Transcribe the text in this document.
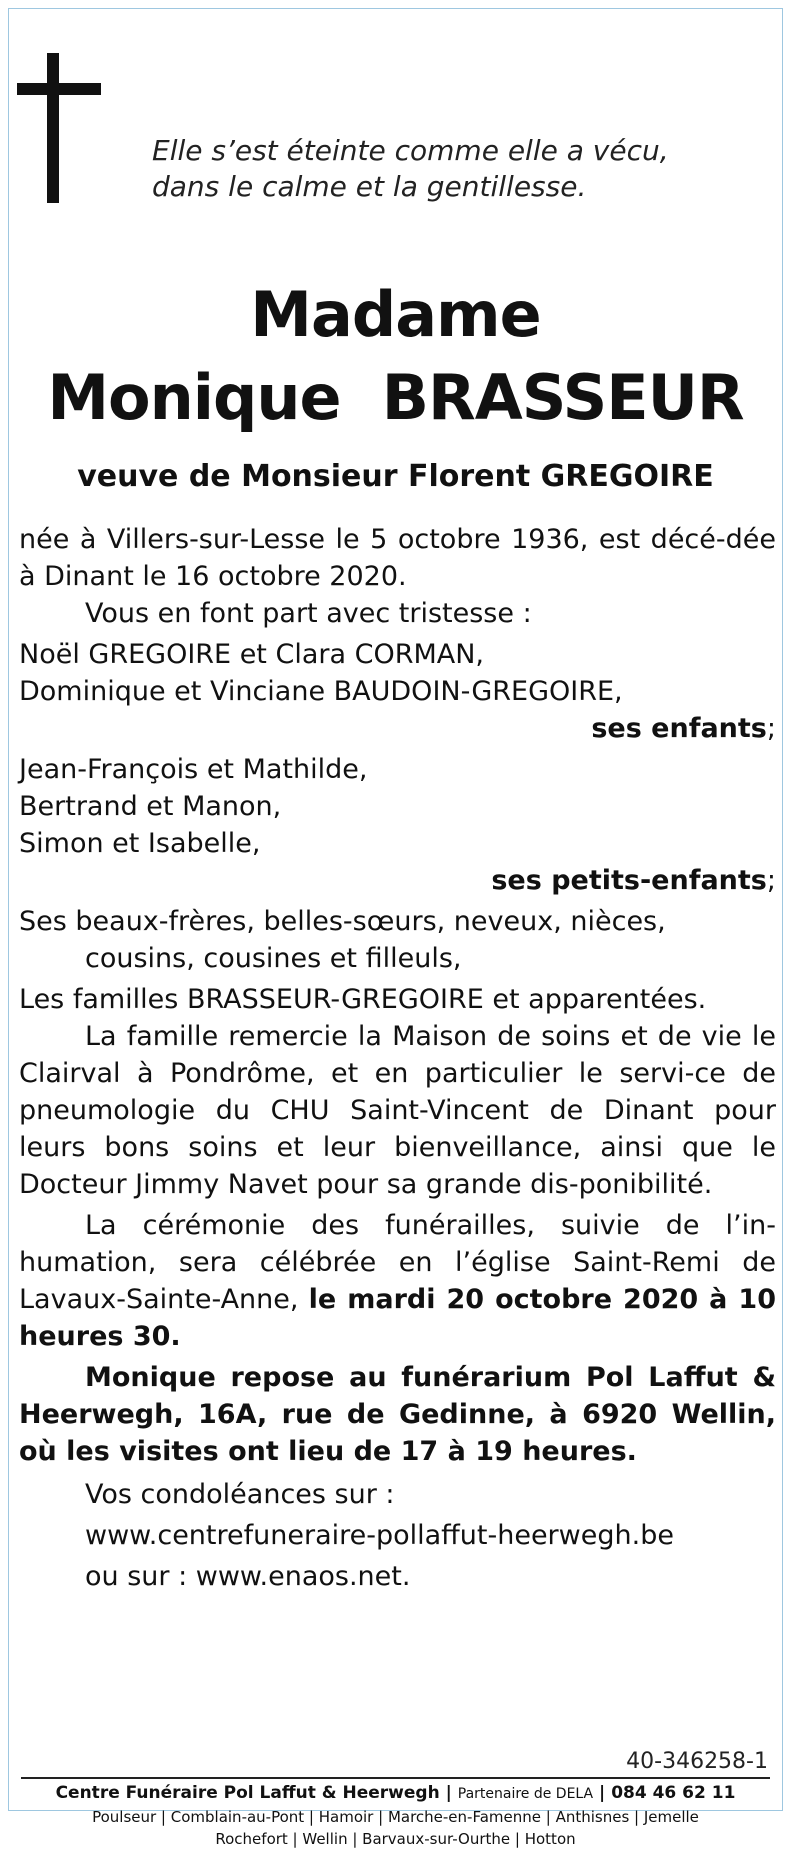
Elle s’est éteinte comme elle a vécu,
dans le calme et la gentillesse.
Madame
Monique  BRASSEUR
veuve de Monsieur Florent GREGOIRE

née à Villers-sur-Lesse le 5 octobre 1936, est décé-dée à Dinant le 16 octobre 2020.

Vous en font part avec tristesse :

Noël GREGOIRE et Clara CORMAN,

Dominique et Vinciane BAUDOIN-GREGOIRE,

ses enfants;

Jean-François et Mathilde,

Bertrand et Manon,

Simon et Isabelle,

ses petits-enfants;

Ses beaux-frères, belles-sœurs, neveux, nièces, cousins, cousines et filleuls,

Les familles BRASSEUR-GREGOIRE et apparentées.

La famille remercie la Maison de soins et de vie le Clairval à Pondrôme, et en particulier le servi-ce de pneumologie du CHU Saint-Vincent de Dinant pour leurs bons soins et leur bienveillance, ainsi que le Docteur Jimmy Navet pour sa grande dis-ponibilité.

La cérémonie des funérailles, suivie de l’in-humation, sera célébrée en l’église Saint-Remi de Lavaux-Sainte-Anne, le mardi 20 octobre 2020 à 10 heures 30.

Monique repose au funérarium Pol Laffut & Heerwegh, 16A, rue de Gedinne, à 6920 Wellin, où les visites ont lieu de 17 à 19 heures.

Vos condoléances sur :

www.centrefuneraire-pollaffut-heerwegh.be

ou sur : www.enaos.net.

40-346258-1
Centre Funéraire Pol Laffut & Heerwegh | Partenaire de DELA | 084 46 62 11
Poulseur | Comblain-au-Pont | Hamoir | Marche-en-Famenne | Anthisnes | Jemelle
Rochefort | Wellin | Barvaux-sur-Ourthe | Hotton
